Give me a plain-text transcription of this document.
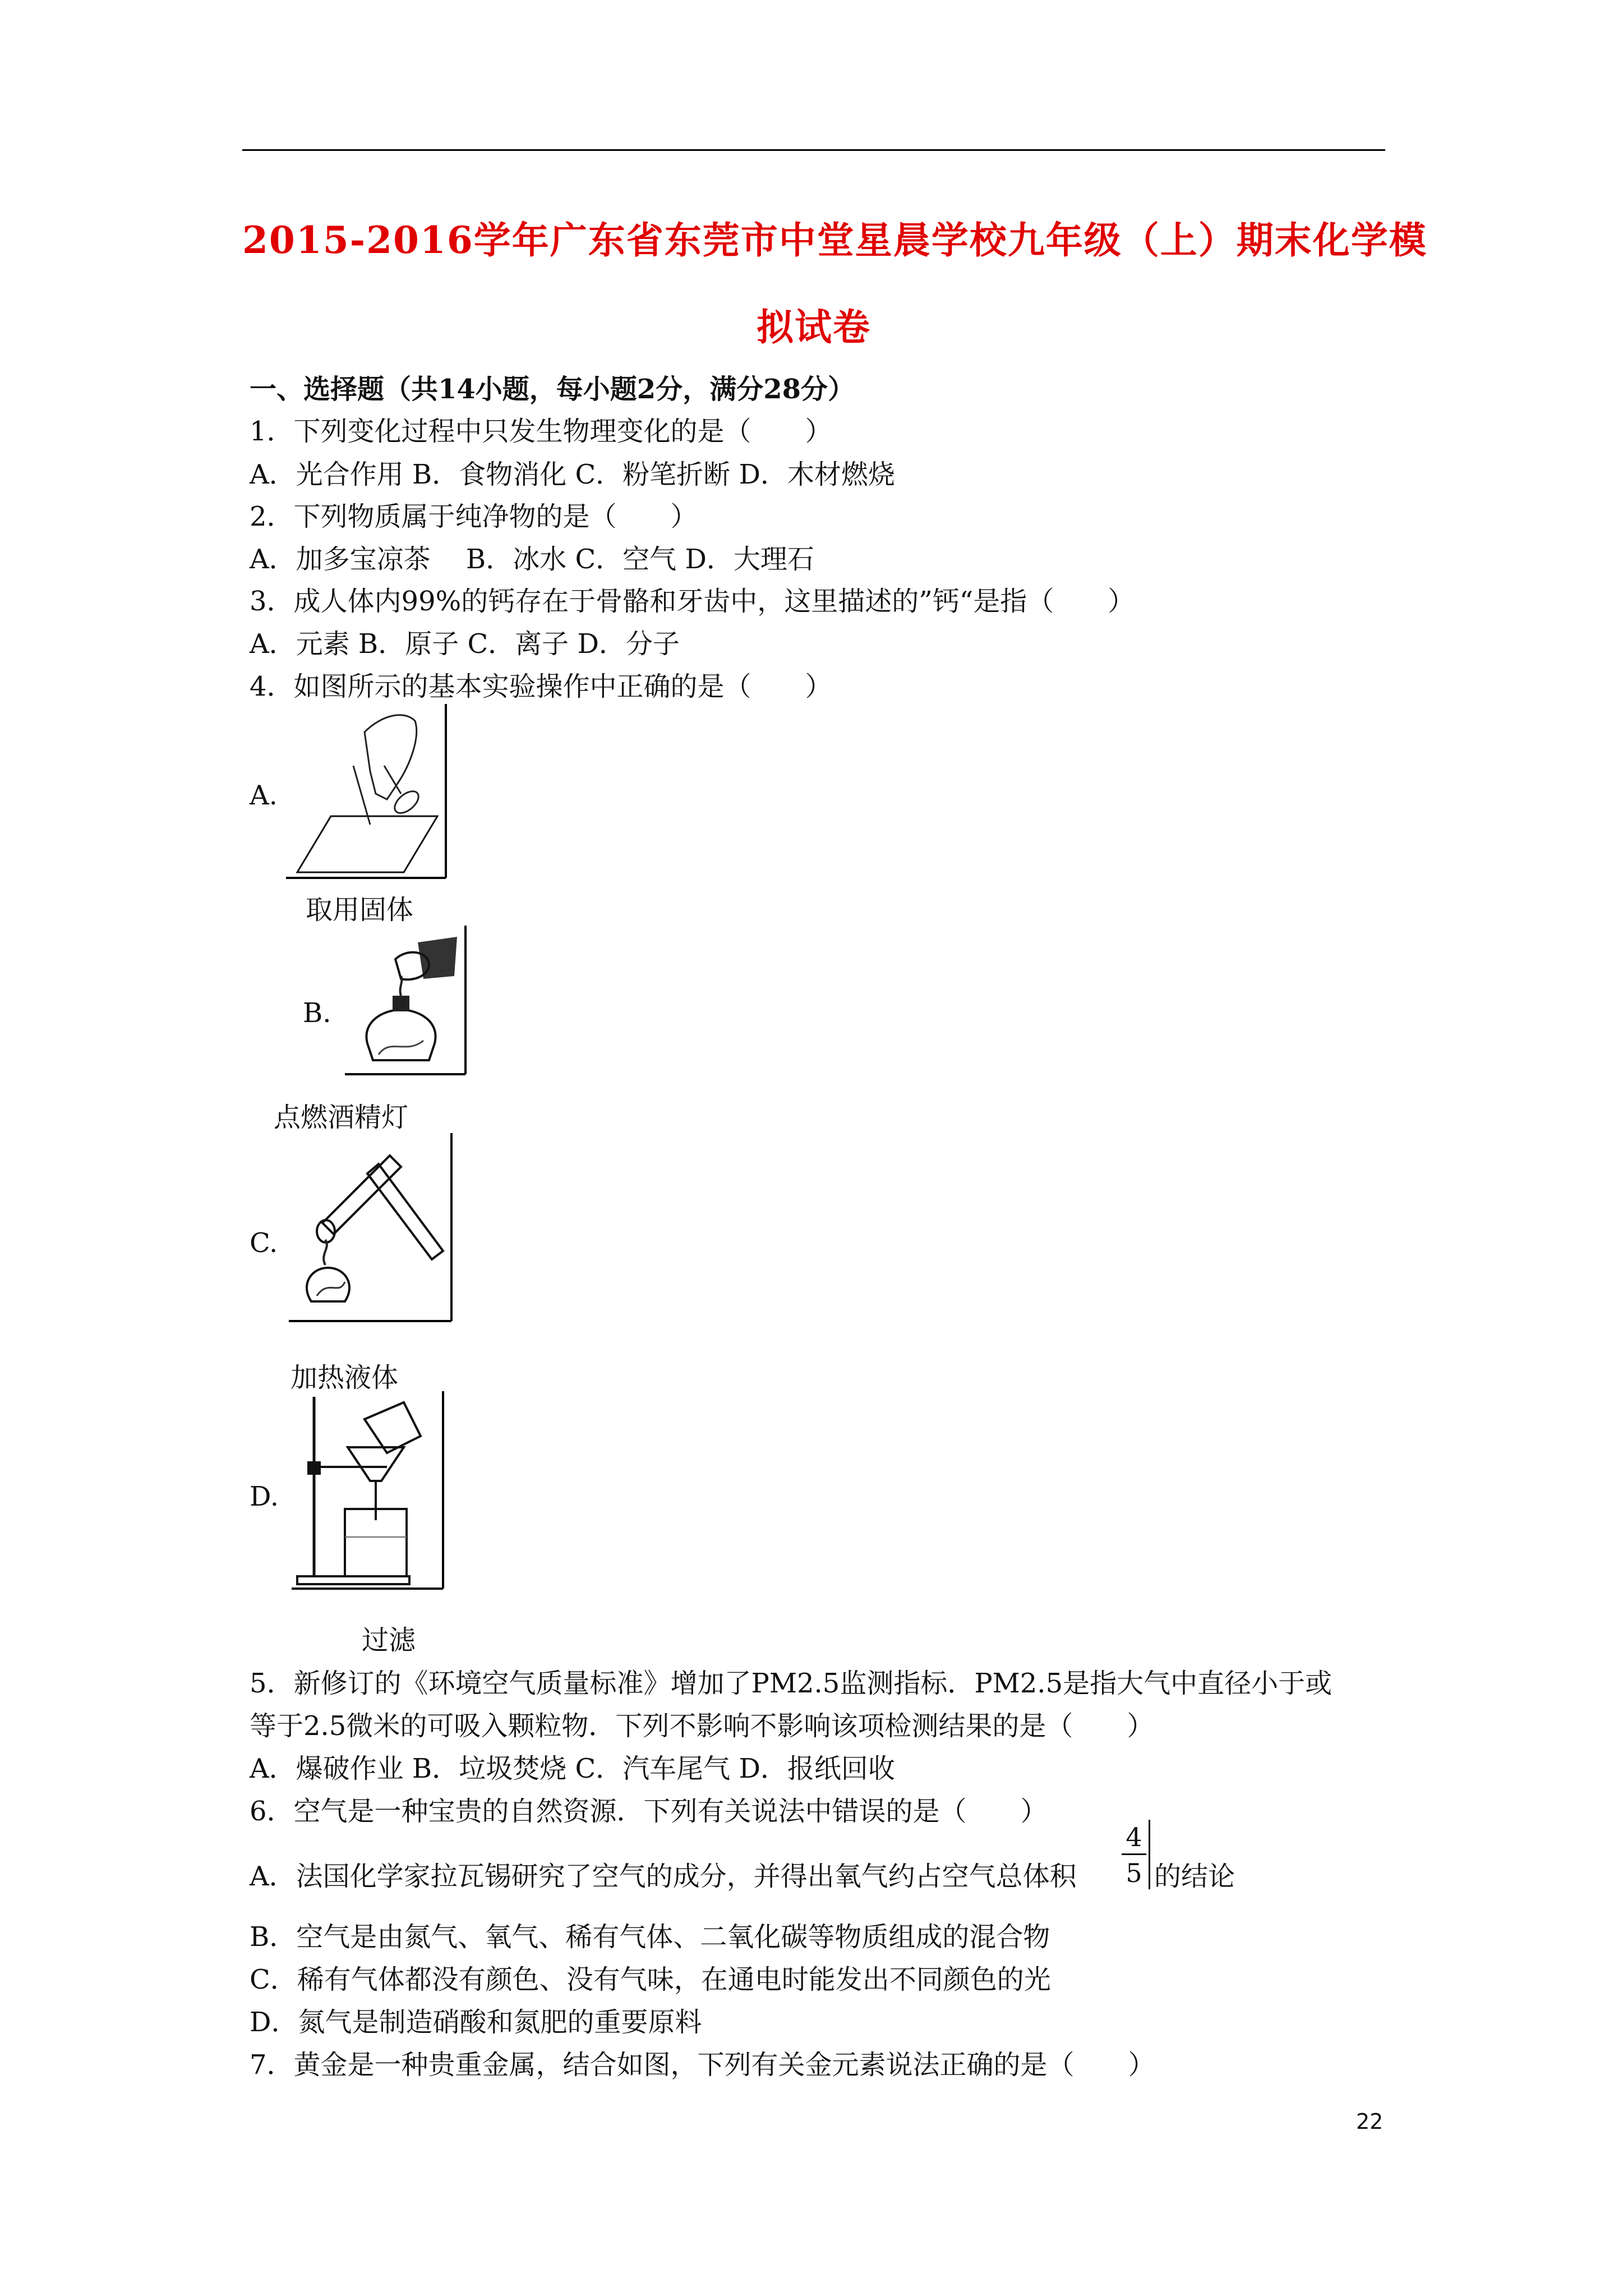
2015-2016学年广东省东莞市中堂星晨学校九年级（上）期末化学模
拟试卷
一、选择题（共14小题，每小题2分，满分28分）
1．下列变化过程中只发生物理变化的是（　　）
A．光合作用 B．食物消化 C．粉笔折断 D．木材燃烧
2．下列物质属于纯净物的是（　　）
A．加多宝凉茶　 B．冰水 C．空气 D．大理石
3．成人体内99%的钙存在于骨骼和牙齿中，这里描述的”钙“是指（　　）
A．元素 B．原子 C．离子 D．分子
4．如图所示的基本实验操作中正确的是（　　）
A.
取用固体
B.
点燃酒精灯
C.
加热液体
D.
过滤
5．新修订的《环境空气质量标准》增加了PM2.5监测指标．PM2.5是指大气中直径小于或
等于2.5微米的可吸入颗粒物．下列不影响不影响该项检测结果的是（　　）
A．爆破作业 B．垃圾焚烧 C．汽车尾气 D．报纸回收
6．空气是一种宝贵的自然资源．下列有关说法中错误的是（　　）
A．法国化学家拉瓦锡研究了空气的成分，并得出氧气约占空气总体积
4
5 的结论
B．空气是由氮气、氧气、稀有气体、二氧化碳等物质组成的混合物
C．稀有气体都没有颜色、没有气味，在通电时能发出不同颜色的光
D．氮气是制造硝酸和氮肥的重要原料
7．黄金是一种贵重金属，结合如图，下列有关金元素说法正确的是（　　）
22
